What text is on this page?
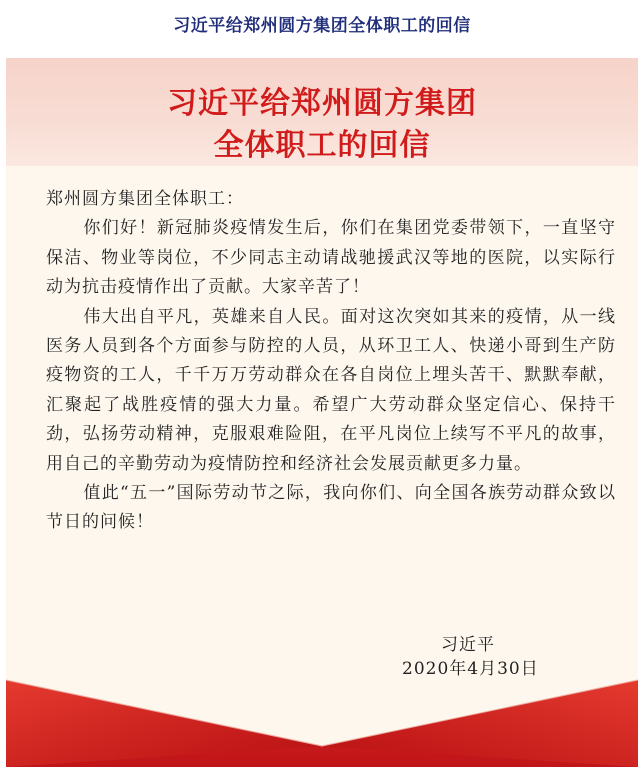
习近平给郑州圆方集团全体职工的回信
习近平给郑州圆方集团
全体职工的回信
郑州圆方集团全体职工：
你们好！新冠肺炎疫情发生后，你们在集团党委带领下，一直坚守保洁、物业等岗位，不少同志主动请战驰援武汉等地的医院，以实际行动为抗击疫情作出了贡献。大家辛苦了！
伟大出自平凡，英雄来自人民。面对这次突如其来的疫情，从一线医务人员到各个方面参与防控的人员，从环卫工人、快递小哥到生产防疫物资的工人，千千万万劳动群众在各自岗位上埋头苦干、默默奉献，汇聚起了战胜疫情的强大力量。希望广大劳动群众坚定信心、保持干劲，弘扬劳动精神，克服艰难险阻，在平凡岗位上续写不平凡的故事，用自己的辛勤劳动为疫情防控和经济社会发展贡献更多力量。
值此“五一”国际劳动节之际，我向你们、向全国各族劳动群众致以节日的问候！
习近平
2020年4月30日
